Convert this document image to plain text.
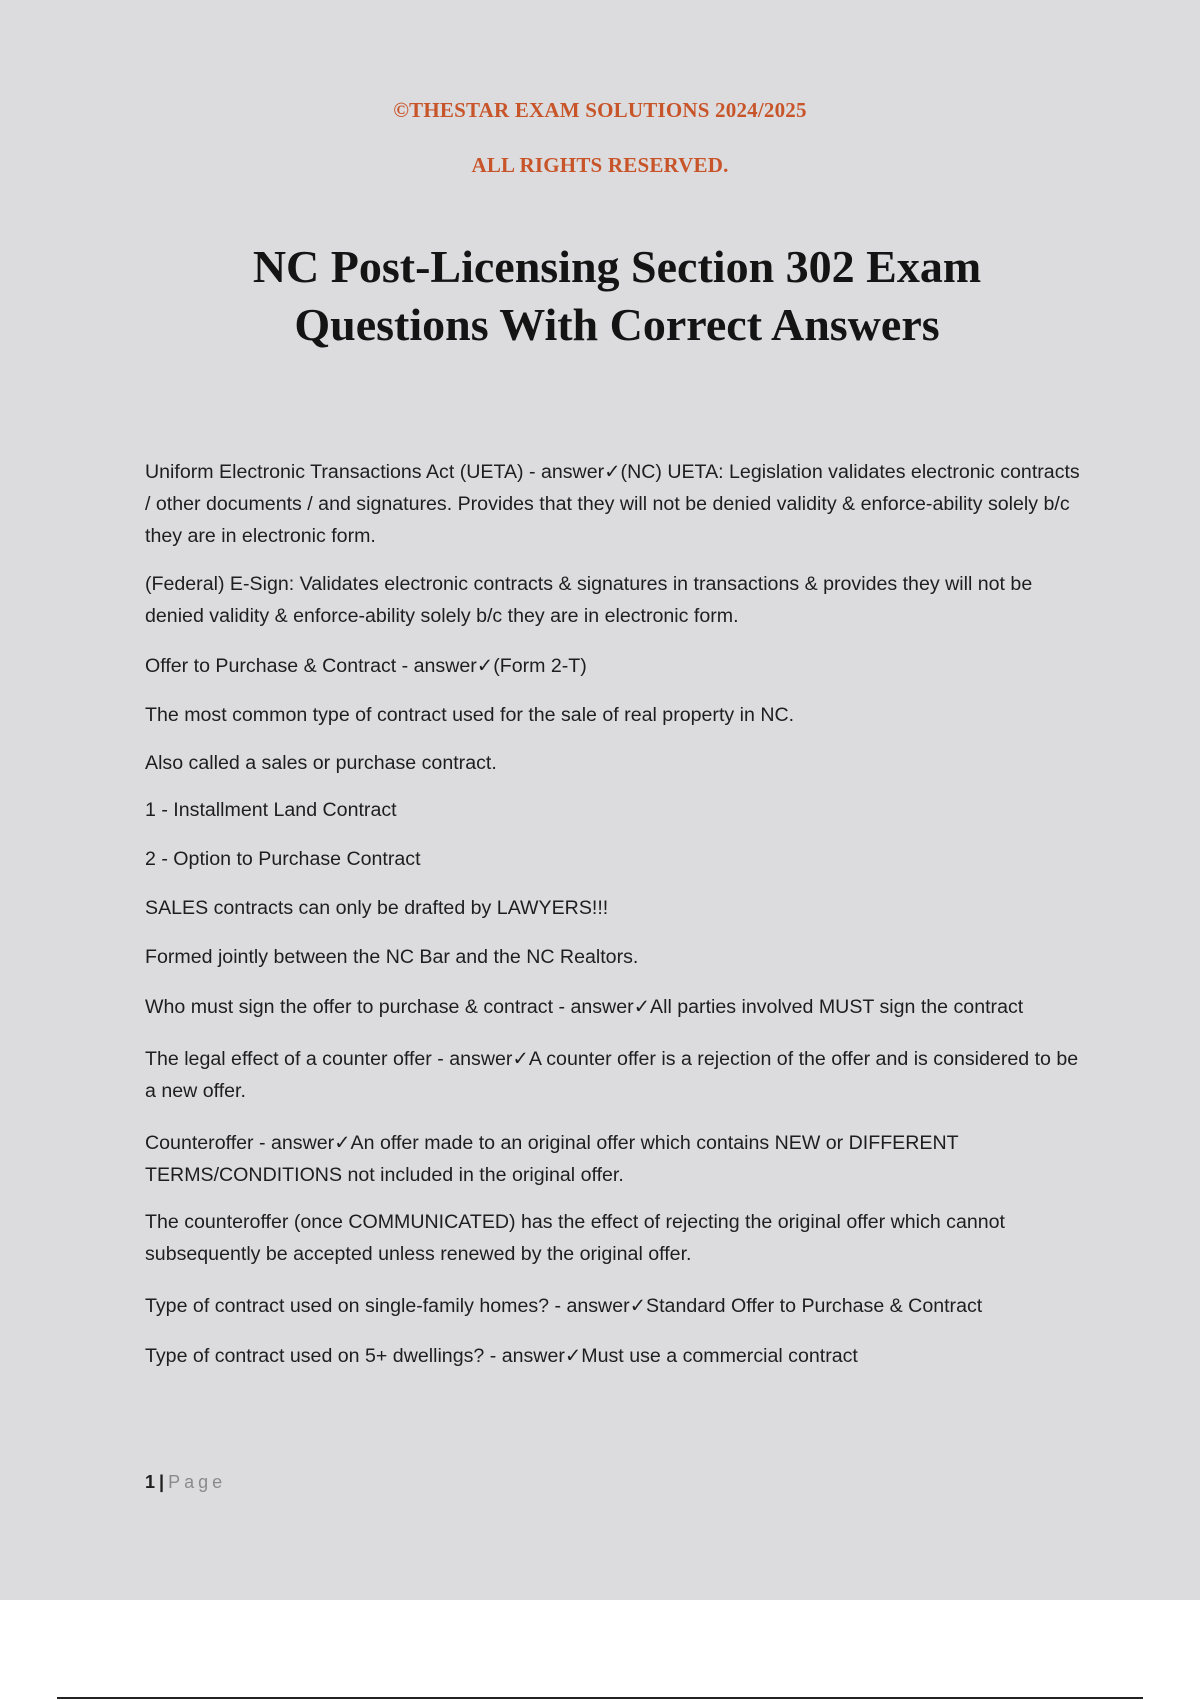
©THESTAR EXAM SOLUTIONS 2024/2025
ALL RIGHTS RESERVED.
NC Post-Licensing Section 302 Exam
Questions With Correct Answers

Uniform Electronic Transactions Act (UETA) - answer✓(NC) UETA: Legislation validates electronic contracts / other documents / and signatures. Provides that they will not be denied validity & enforce-ability solely b/c they are in electronic form.

(Federal) E-Sign: Validates electronic contracts & signatures in transactions & provides they will not be denied validity & enforce-ability solely b/c they are in electronic form.

Offer to Purchase & Contract - answer✓(Form 2-T)

The most common type of contract used for the sale of real property in NC.

Also called a sales or purchase contract.

1 - Installment Land Contract

2 - Option to Purchase Contract

SALES contracts can only be drafted by LAWYERS!!!

Formed jointly between the NC Bar and the NC Realtors.

Who must sign the offer to purchase & contract - answer✓All parties involved MUST sign the contract

The legal effect of a counter offer - answer✓A counter offer is a rejection of the offer and is considered to be a new offer.

Counteroffer - answer✓An offer made to an original offer which contains NEW or DIFFERENT TERMS/CONDITIONS not included in the original offer.

The counteroffer (once COMMUNICATED) has the effect of rejecting the original offer which cannot subsequently be accepted unless renewed by the original offer.

Type of contract used on single-family homes? - answer✓Standard Offer to Purchase & Contract

Type of contract used on 5+ dwellings? - answer✓Must use a commercial contract

1 | Page
